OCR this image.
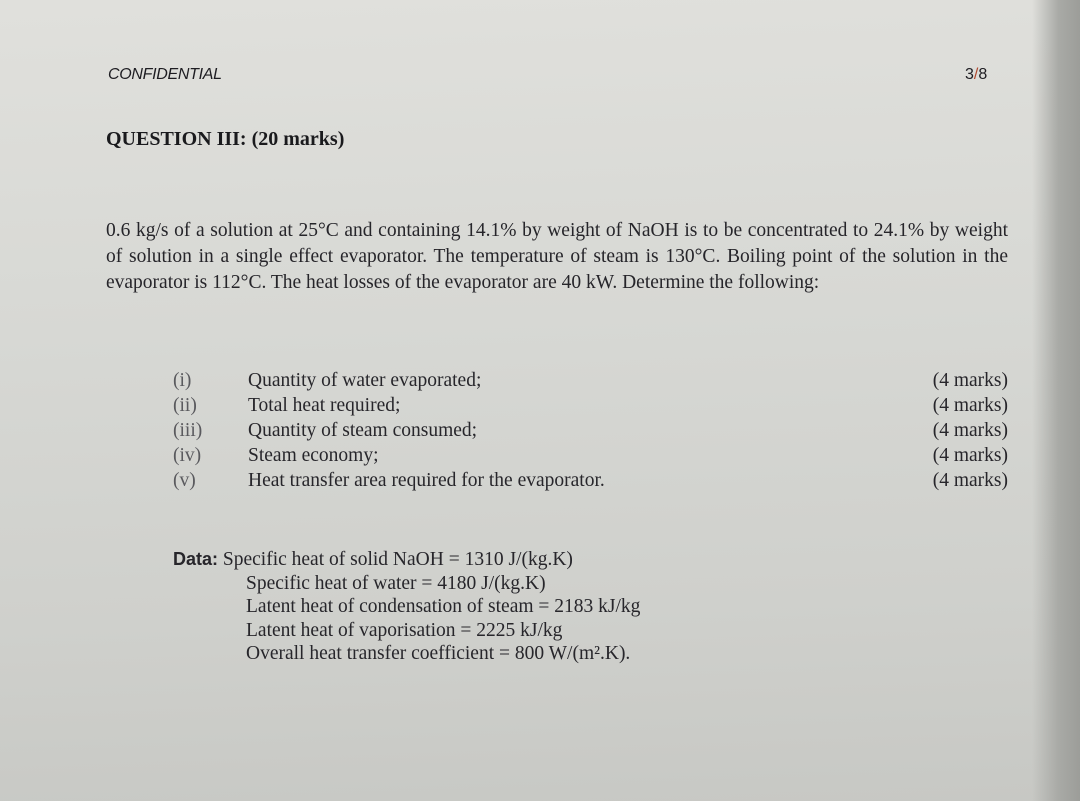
CONFIDENTIAL	3/8
QUESTION III: (20 marks)
0.6 kg/s of a solution at 25°C and containing 14.1% by weight of NaOH is to be concentrated to 24.1% by weight of solution in a single effect evaporator. The temperature of steam is 130°C. Boiling point of the solution in the evaporator is 112°C. The heat losses of the evaporator are 40 kW. Determine the following:
(i)	Quantity of water evaporated;	(4 marks)
(ii)	Total heat required;	(4 marks)
(iii) Quantity of steam consumed;	(4 marks)
(iv) Steam economy;	(4 marks)
(v)	Heat transfer area required for the evaporator.	(4 marks)
Data: Specific heat of solid NaOH = 1310 J/(kg.K)
Specific heat of water = 4180 J/(kg.K)
Latent heat of condensation of steam = 2183 kJ/kg
Latent heat of vaporisation = 2225 kJ/kg
Overall heat transfer coefficient = 800 W/(m².K).
